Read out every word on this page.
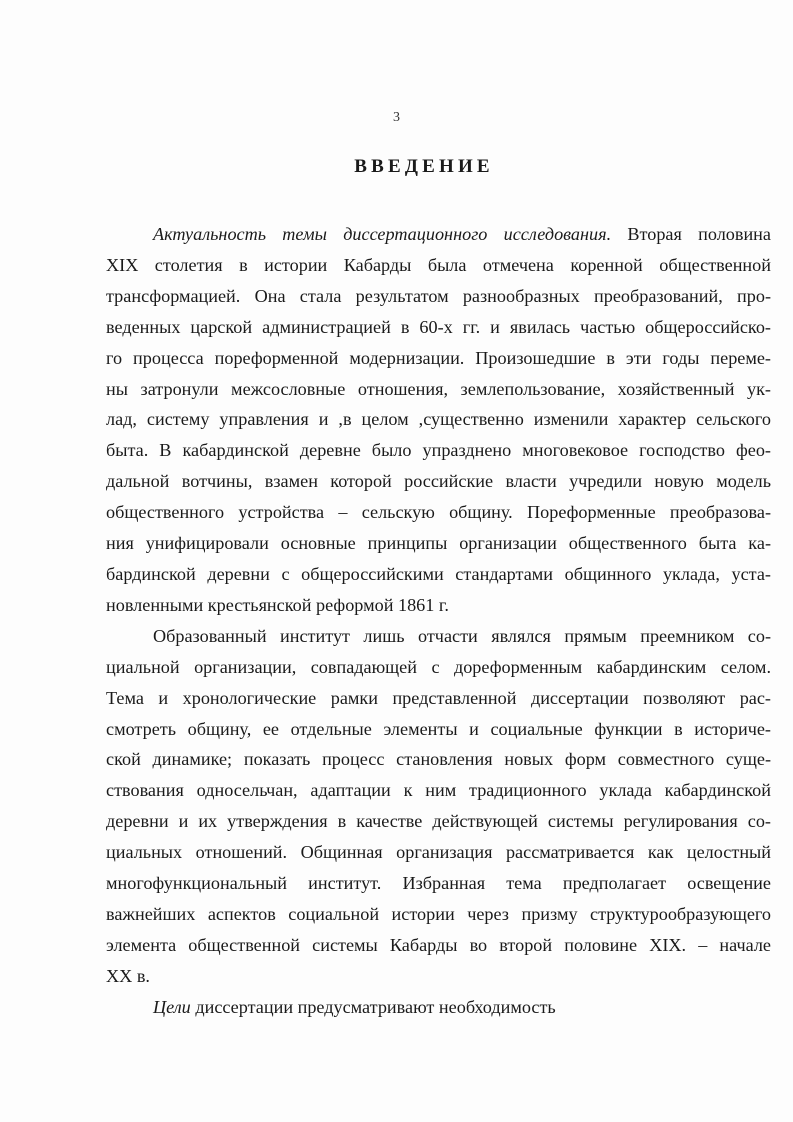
3
ВВЕДЕНИЕ

Актуальность темы диссертационного исследования. Вторая половина
XIX столетия в истории Кабарды была отмечена коренной общественной
трансформацией. Она стала результатом разнообразных преобразований, про-
веденных царской администрацией в 60-х гг. и явилась частью общероссийско-
го процесса пореформенной модернизации. Произошедшие в эти годы переме-
ны затронули межсословные отношения, землепользование, хозяйственный ук-
лад, систему управления и ,в целом ,существенно изменили характер сельского
быта. В кабардинской деревне было упразднено многовековое господство фео-
дальной вотчины, взамен которой российские власти учредили новую модель
общественного устройства – сельскую общину. Пореформенные преобразова-
ния унифицировали основные принципы организации общественного быта ка-
бардинской деревни с общероссийскими стандартами общинного уклада, уста-
новленными крестьянской реформой 1861 г.

Образованный институт лишь отчасти являлся прямым преемником со-
циальной организации, совпадающей с дореформенным кабардинским селом.
Тема и хронологические рамки представленной диссертации позволяют рас-
смотреть общину, ее отдельные элементы и социальные функции в историче-
ской динамике; показать процесс становления новых форм совместного суще-
ствования односельчан, адаптации к ним традиционного уклада кабардинской
деревни и их утверждения в качестве действующей системы регулирования со-
циальных отношений. Общинная организация рассматривается как целостный
многофункциональный институт. Избранная тема предполагает освещение
важнейших аспектов социальной истории через призму структурообразующего
элемента общественной системы Кабарды во второй половине XIX. – начале
XX в.

Цели диссертации предусматривают необходимость
